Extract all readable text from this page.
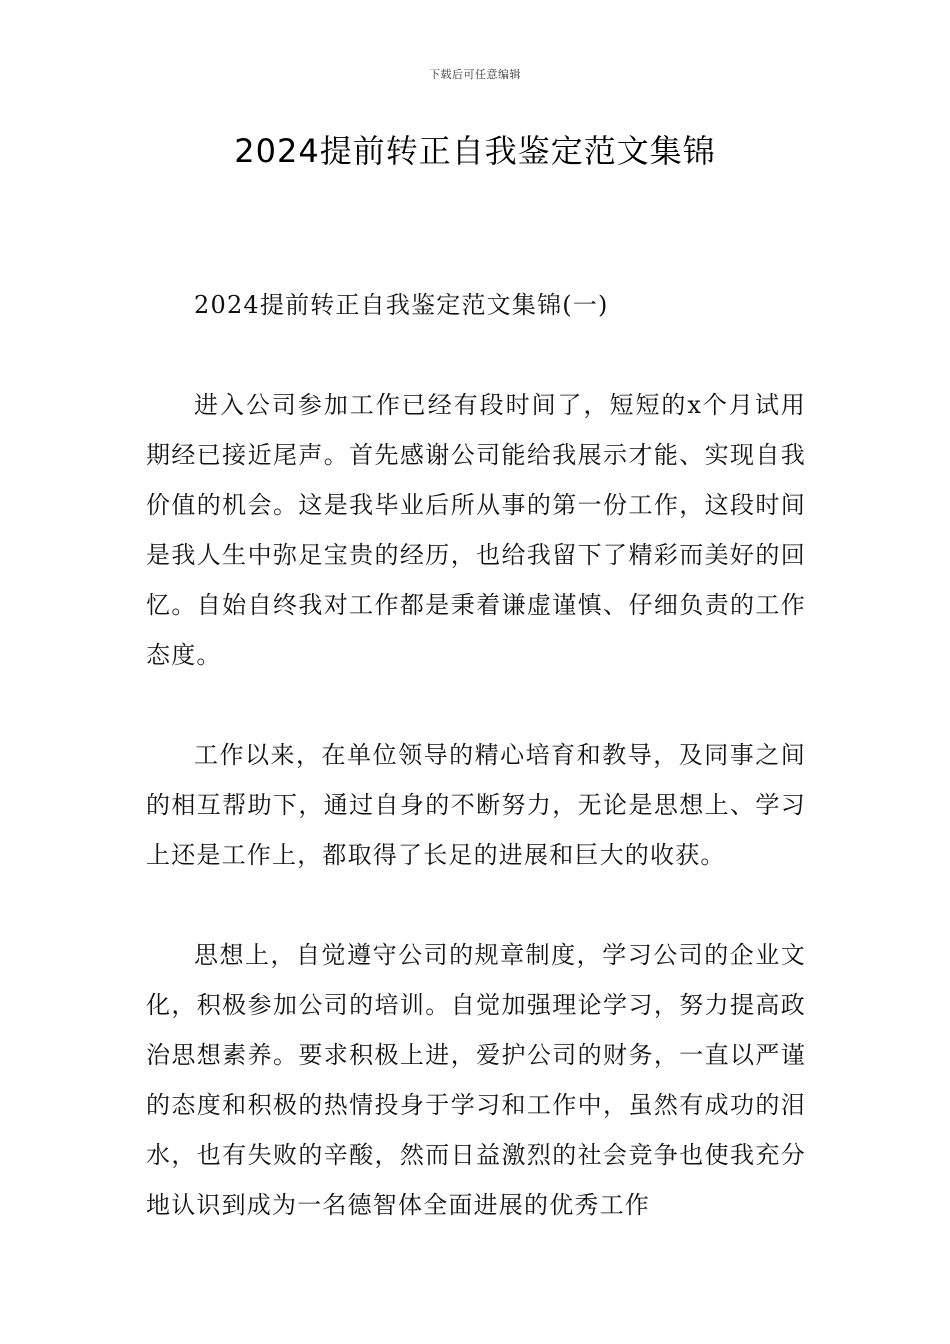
下载后可任意编辑
2024提前转正自我鉴定范文集锦

2024提前转正自我鉴定范文集锦(一)

进入公司参加工作已经有段时间了，短短的x个月试用期经已接近尾声。首先感谢公司能给我展示才能、实现自我价值的机会。这是我毕业后所从事的第一份工作，这段时间是我人生中弥足宝贵的经历，也给我留下了精彩而美好的回忆。自始自终我对工作都是秉着谦虚谨慎、仔细负责的工作态度。

工作以来，在单位领导的精心培育和教导，及同事之间的相互帮助下，通过自身的不断努力，无论是思想上、学习上还是工作上，都取得了长足的进展和巨大的收获。

思想上，自觉遵守公司的规章制度，学习公司的企业文化，积极参加公司的培训。自觉加强理论学习，努力提高政治思想素养。要求积极上进，爱护公司的财务，一直以严谨的态度和积极的热情投身于学习和工作中，虽然有成功的泪水，也有失败的辛酸，然而日益激烈的社会竞争也使我充分地认识到成为一名德智体全面进展的优秀工作
